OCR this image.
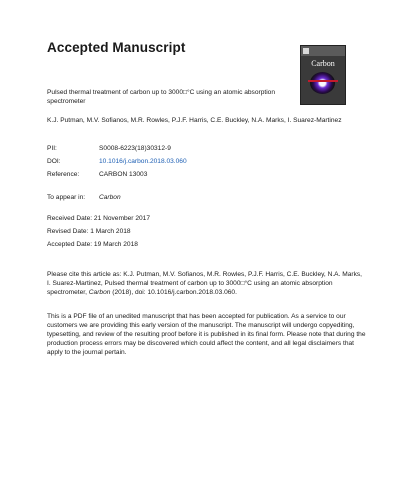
Accepted Manuscript
Carbon
Pulsed thermal treatment of carbon up to 3000□°C using an atomic absorption spectrometer
K.J. Putman, M.V. Sofianos, M.R. Rowles, P.J.F. Harris, C.E. Buckley, N.A. Marks, I. Suarez-Martinez
PII:	S0008-6223(18)30312-9
DOI:	10.1016/j.carbon.2018.03.060
Reference:	CARBON 13003
To appear in: Carbon
Received Date: 21 November 2017
Revised Date: 1 March 2018
Accepted Date: 19 March 2018
Please cite this article as: K.J. Putman, M.V. Sofianos, M.R. Rowles, P.J.F. Harris, C.E. Buckley, N.A. Marks, I. Suarez-Martinez, Pulsed thermal treatment of carbon up to 3000□°C using an atomic absorption spectrometer, Carbon (2018), doi: 10.1016/j.carbon.2018.03.060.
This is a PDF file of an unedited manuscript that has been accepted for publication. As a service to our customers we are providing this early version of the manuscript. The manuscript will undergo copyediting, typesetting, and review of the resulting proof before it is published in its final form. Please note that during the production process errors may be discovered which could affect the content, and all legal disclaimers that apply to the journal pertain.
